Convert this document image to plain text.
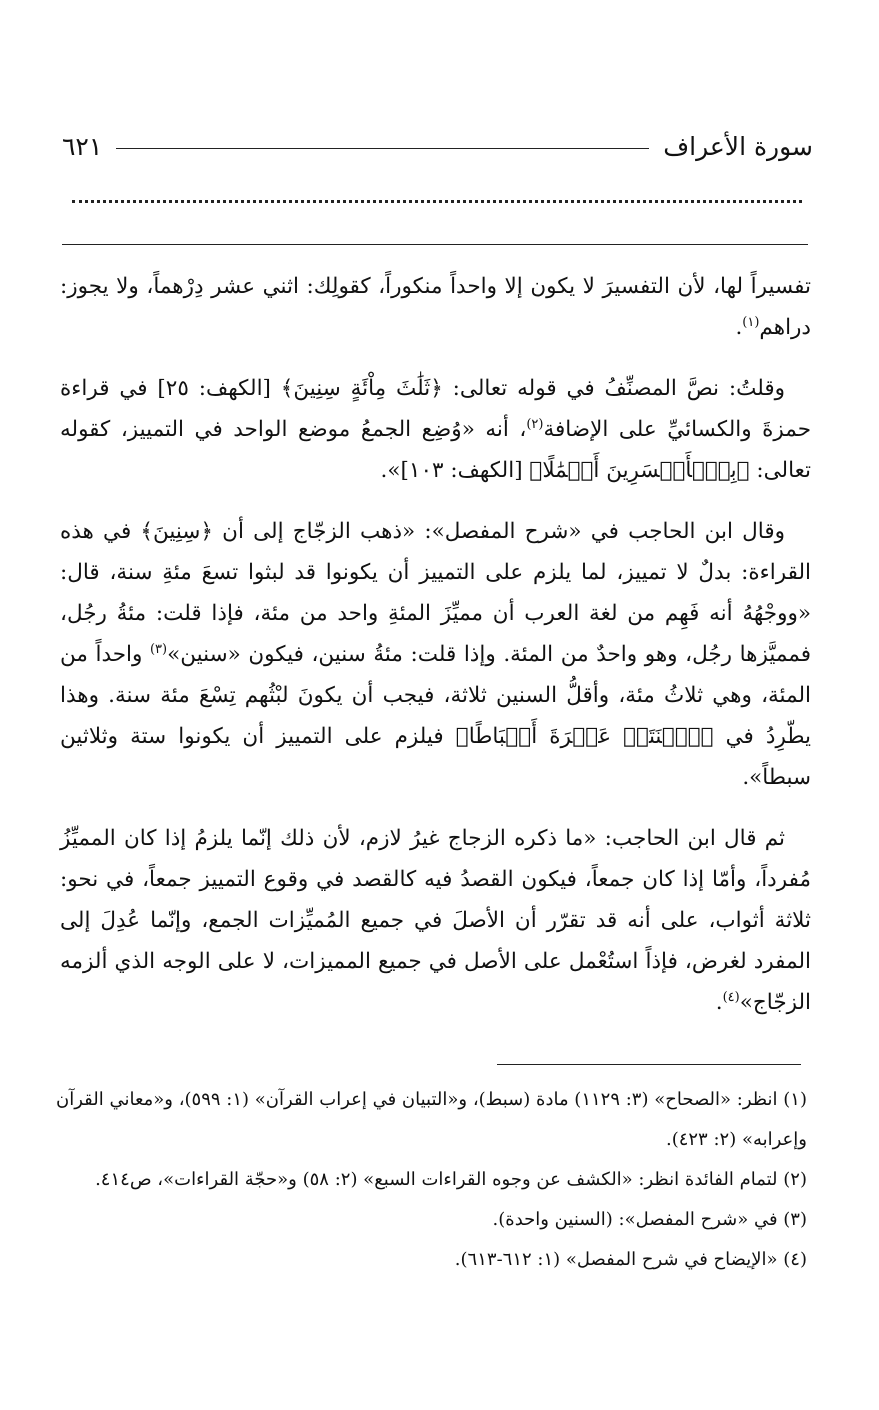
سورة الأعراف
٦٢١

تفسيراً لها، لأن التفسيرَ لا يكون إلا واحداً منكوراً، كقولِك: اثني عشر دِرْهماً، ولا يجوز: دراهم$^{(١)}$.

وقلتُ: نصَّ المصنِّفُ في قوله تعالى: ﴿ثَلَٰثَ مِاْئَةٍ سِنِينَ﴾ [الكهف: ٢٥] في قراءة حمزةَ والكسائيِّ على الإضافة$^{(٢)}$، أنه «وُضِع الجمعُ موضع الواحد في التمييز، كقوله تعالى: ﴿بِٱلۡأَخۡسَرِينَ أَعۡمَٰلًا﴾ [الكهف: ١٠٣]».

وقال ابن الحاجب في «شرح المفصل»: «ذهب الزجّاج إلى أن ﴿سِنِينَ﴾ في هذه القراءة: بدلٌ لا تمييز، لما يلزم على التمييز أن يكونوا قد لبثوا تسعَ مئةِ سنة، قال: «ووجْهُهُ أنه فَهِم من لغة العرب أن مميِّزَ المئةِ واحد من مئة، فإذا قلت: مئةُ رجُل، فمميَّزها رجُل، وهو واحدٌ من المئة. وإذا قلت: مئةُ سنين، فيكون «سنين»$^{(٣)}$ واحداً من المئة، وهي ثلاثُ مئة، وأقلُّ السنين ثلاثة، فيجب أن يكونَ لبْثُهم تِسْعَ مئة سنة. وهذا يطّرِدُ في ﴿ٱثۡنَتَيۡ عَشۡرَةَ أَسۡبَاطًا﴾ فيلزم على التمييز أن يكونوا ستة وثلاثين سبطاً».

ثم قال ابن الحاجب: «ما ذكره الزجاج غيرُ لازم، لأن ذلك إنّما يلزمُ إذا كان المميِّزُ مُفرداً، وأمّا إذا كان جمعاً، فيكون القصدُ فيه كالقصد في وقوع التمييز جمعاً، في نحو: ثلاثة أثواب، على أنه قد تقرّر أن الأصلَ في جميع المُميِّزات الجمع، وإنّما عُدِلَ إلى المفرد لغرض، فإذاً استُعْمل على الأصل في جميع المميزات، لا على الوجه الذي ألزمه الزجّاج»$^{(٤)}$.

(١) انظر: «الصحاح» (٣: ١١٢٩) مادة (سبط)، و«التبيان في إعراب القرآن» (١: ٥٩٩)، و«معاني القرآن وإعرابه» (٢: ٤٢٣).

(٢) لتمام الفائدة انظر: «الكشف عن وجوه القراءات السبع» (٢: ٥٨) و«حجّة القراءات»، ص٤١٤.

(٣) في «شرح المفصل»: (السنين واحدة).

(٤) «الإيضاح في شرح المفصل» (١: ٦١٢-٦١٣).
